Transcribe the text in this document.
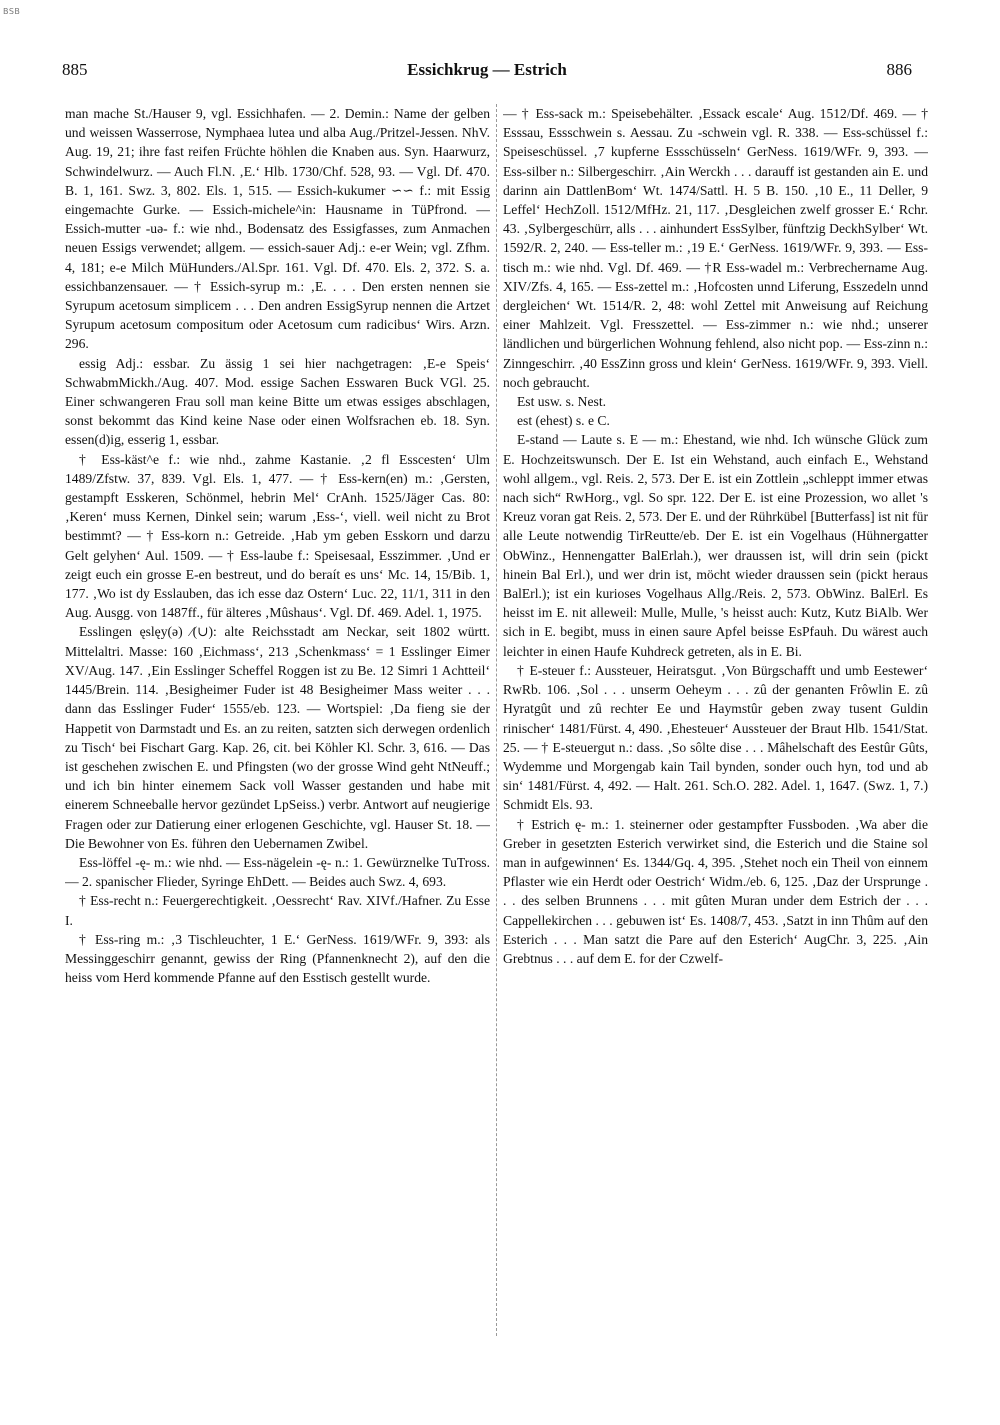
BSB
885	Essichkrug — Estrich	886

man mache St./Hauser 9, vgl. Essichhafen. — 2. Demin.: Name der gelben und weissen Wasserrose, Nymphaea lutea und alba Aug./Pritzel-Jessen. NhV. Aug. 19, 21; ihre fast reifen Früchte höhlen die Knaben aus. Syn. Haarwurz, Schwindelwurz. — Auch Fl.N. ‚E.‘ Hlb. 1730/Chf. 528, 93. — Vgl. Df. 470. B. 1, 161. Swz. 3, 802. Els. 1, 515. — Essich-kukumer ∽∽ f.: mit Essig eingemachte Gurke. — Essich-michele^in: Hausname in TüPfrond. — Essich-mutter -uə- f.: wie nhd., Bodensatz des Essigfasses, zum Anmachen neuen Essigs verwendet; allgem. — essich-sauer Adj.: e-er Wein; vgl. Zfhm. 4, 181; e-e Milch MüHunders./Al.Spr. 161. Vgl. Df. 470. Els. 2, 372. S. a. essichbanzensauer. — † Essich-syrup m.: ‚E. . . . Den ersten nennen sie Syrupum acetosum simplicem . . . Den andren EssigSyrup nennen die Artzet Syrupum acetosum compositum oder Acetosum cum radicibus‘ Wirs. Arzn. 296.

essig Adj.: essbar. Zu ässig 1 sei hier nachgetragen: ‚E-e Speis‘ SchwabmMickh./Aug. 407. Mod. essige Sachen Esswaren Buck VGl. 25. Einer schwangeren Frau soll man keine Bitte um etwas essiges abschlagen, sonst bekommt das Kind keine Nase oder einen Wolfsrachen eb. 18. Syn. essen(d)ig, esserig 1, essbar.

† Ess-käst^e f.: wie nhd., zahme Kastanie. ‚2 fl Esscesten‘ Ulm 1489/Zfstw. 37, 839. Vgl. Els. 1, 477. — † Ess-kern(en) m.: ‚Gersten, gestampft Esskeren, Schönmel, hebrin Mel‘ CrAnh. 1525/Jäger Cas. 80: ‚Keren‘ muss Kernen, Dinkel sein; warum ‚Ess-‘, viell. weil nicht zu Brot bestimmt? — † Ess-korn n.: Getreide. ‚Hab ym geben Esskorn und darzu Gelt gelyhen‘ Aul. 1509. — † Ess-laube f.: Speisesaal, Esszimmer. ‚Und er zeigt euch ein grosse E-en bestreut, und do beraít es uns‘ Mc. 14, 15/Bib. 1, 177. ‚Wo ist dy Esslauben, das ich esse daz Ostern‘ Luc. 22, 11/1, 311 in den Aug. Ausgg. von 1487ff., für älteres ‚Mûshaus‘. Vgl. Df. 469. Adel. 1, 1975.

Esslingen ęslęy(ə) ∕(∪): alte Reichsstadt am Neckar, seit 1802 württ. Mittelaltri. Masse: 160 ‚Eichmass‘, 213 ‚Schenkmass‘ = 1 Esslinger Eimer XV/Aug. 147. ‚Ein Esslinger Scheffel Roggen ist zu Be. 12 Simri 1 Achtteil‘ 1445/Brein. 114. ‚Besigheimer Fuder ist 48 Besigheimer Mass weiter . . . dann das Esslinger Fuder‘ 1555/eb. 123. — Wortspiel: ‚Da fieng sie der Happetit von Darmstadt und Es. an zu reiten, satzten sich derwegen ordenlich zu Tisch‘ bei Fischart Garg. Kap. 26, cit. bei Köhler Kl. Schr. 3, 616. — Das ist geschehen zwischen E. und Pfingsten (wo der grosse Wind geht NtNeuff.; und ich bin hinter einemem Sack voll Wasser gestanden und habe mit einerem Schneeballe hervor gezündet LpSeiss.) verbr. Antwort auf neugierige Fragen oder zur Datierung einer erlogenen Geschichte, vgl. Hauser St. 18. — Die Bewohner von Es. führen den Uebernamen Zwibel.

Ess-löffel -ę- m.: wie nhd. — Ess-nägelein -ę- n.: 1. Gewürznelke TuTross. — 2. spanischer Flieder, Syringe EhDett. — Beides auch Swz. 4, 693.

† Ess-recht n.: Feuergerechtigkeit. ‚Oessrecht‘ Rav. XIVf./Hafner. Zu Esse I.

† Ess-ring m.: ‚3 Tischleuchter, 1 E.‘ GerNess. 1619/WFr. 9, 393: als Messinggeschirr genannt, gewiss der Ring (Pfannenknecht 2), auf den die heiss vom Herd kommende Pfanne auf den Esstisch gestellt wurde.

— † Ess-sack m.: Speisebehälter. ‚Essack escale‘ Aug. 1512/Df. 469. — † Esssau, Essschwein s. Aessau. Zu -schwein vgl. R. 338. — Ess-schüssel f.: Speiseschüssel. ‚7 kupferne Essschüsseln‘ GerNess. 1619/WFr. 9, 393. — Ess-silber n.: Silbergeschirr. ‚Ain Werckh . . . darauff ist gestanden ain E. und darinn ain DattlenBom‘ Wt. 1474/Sattl. H. 5 B. 150. ‚10 E., 11 Deller, 9 Leffel‘ HechZoll. 1512/MfHz. 21, 117. ‚Desgleichen zwelf grosser E.‘ Rchr. 43. ‚Sylbergeschürr, alls . . . ainhundert EssSylber, fünftzig DeckhSylber‘ Wt. 1592/R. 2, 240. — Ess-teller m.: ‚19 E.‘ GerNess. 1619/WFr. 9, 393. — Ess-tisch m.: wie nhd. Vgl. Df. 469. — †R Ess-wadel m.: Verbrechername Aug. XIV/Zfs. 4, 165. — Ess-zettel m.: ‚Hofcosten unnd Liferung, Esszedeln unnd dergleichen‘ Wt. 1514/R. 2, 48: wohl Zettel mit Anweisung auf Reichung einer Mahlzeit. Vgl. Fresszettel. — Ess-zimmer n.: wie nhd.; unserer ländlichen und bürgerlichen Wohnung fehlend, also nicht pop. — Ess-zinn n.: Zinngeschirr. ‚40 EssZinn gross und klein‘ GerNess. 1619/WFr. 9, 393. Viell. noch gebraucht.

Est usw. s. Nest.

est (ehest) s. e C.

E-stand — Laute s. E — m.: Ehestand, wie nhd. Ich wünsche Glück zum E. Hochzeitswunsch. Der E. Ist ein Wehstand, auch einfach E., Wehstand wohl allgem., vgl. Reis. 2, 573. Der E. ist ein Zottlein „schleppt immer etwas nach sich“ RwHorg., vgl. So spr. 122. Der E. ist eine Prozession, wo allet 's Kreuz voran gat Reis. 2, 573. Der E. und der Rührkübel [Butterfass] ist nit für alle Leute notwendig TirReutte/eb. Der E. ist ein Vogelhaus (Hühnergatter ObWinz., Hennengatter BalErlah.), wer draussen ist, will drin sein (pickt hinein Bal Erl.), und wer drin ist, möcht wieder draussen sein (pickt heraus BalErl.); ist ein kurioses Vogelhaus Allg./Reis. 2, 573. ObWinz. BalErl. Es heisst im E. nit alleweil: Mulle, Mulle, 's heisst auch: Kutz, Kutz BiAlb. Wer sich in E. begibt, muss in einen saure Apfel beisse EsPfauh. Du wärest auch leichter in einen Haufe Kuhdreck getreten, als in E. Bi.

† E-steuer f.: Aussteuer, Heiratsgut. ‚Von Bürgschafft und umb Eestewer‘ RwRb. 106. ‚Sol . . . unserm Oeheym . . . zû der genanten Frôwlin E. zû Hyratgût und zû rechter Ee und Haymstûr geben zway tusent Guldin rinischer‘ 1481/Fürst. 4, 490. ‚Ehesteuer‘ Aussteuer der Braut Hlb. 1541/Stat. 25. — † E-steuergut n.: dass. ‚So sôlte dise . . . Mâhelschaft des Eestûr Gûts, Wydemme und Morgengab kain Tail bynden, sonder ouch hyn, tod und ab sin‘ 1481/Fürst. 4, 492. — Halt. 261. Sch.O. 282. Adel. 1, 1647. (Swz. 1, 7.) Schmidt Els. 93.

† Estrich ę- m.: 1. steinerner oder gestampfter Fussboden. ‚Wa aber die Greber in gesetzten Esterich verwirket sind, die Esterich und die Staine sol man in aufgewinnen‘ Es. 1344/Gq. 4, 395. ‚Stehet noch ein Theil von einnem Pflaster wie ein Herdt oder Oestrich‘ Widm./eb. 6, 125. ‚Daz der Ursprunge . . . des selben Brunnens . . . mit gûten Muran under dem Estrich der . . . Cappellekirchen . . . gebuwen ist‘ Es. 1408/7, 453. ‚Satzt in inn Thûm auf den Esterich . . . Man satzt die Pare auf den Esterich‘ AugChr. 3, 225. ‚Ain Grebtnus . . . auf dem E. for der Czwelf-
